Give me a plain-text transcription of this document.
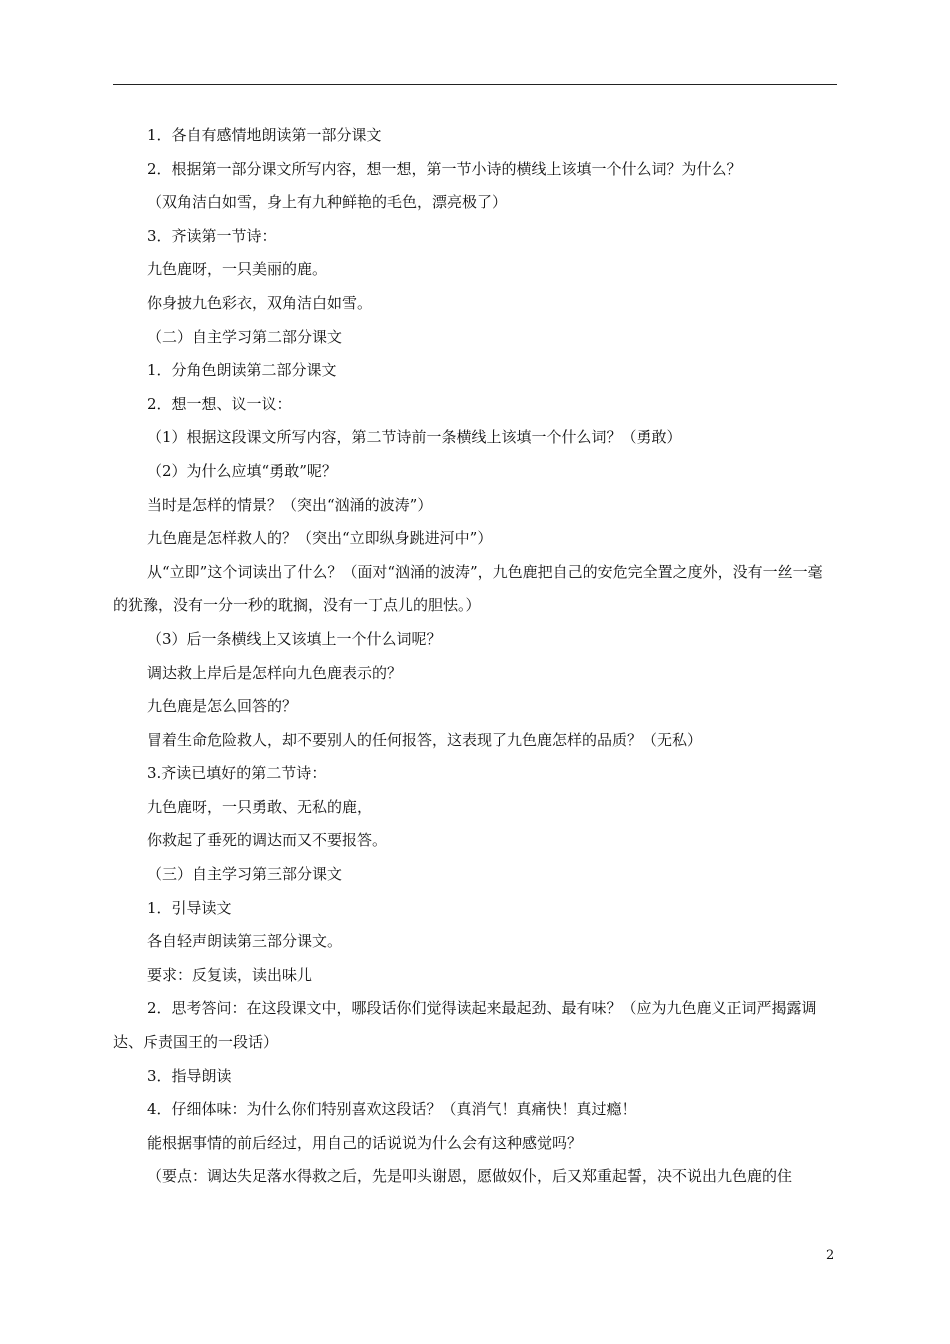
1．各自有感情地朗读第一部分课文

2．根据第一部分课文所写内容，想一想，第一节小诗的横线上该填一个什么词？为什么？

（双角洁白如雪，身上有九种鲜艳的毛色，漂亮极了）

3．齐读第一节诗：

九色鹿呀，一只美丽的鹿。

你身披九色彩衣，双角洁白如雪。

（二）自主学习第二部分课文

1．分角色朗读第二部分课文

2．想一想、议一议：

（1）根据这段课文所写内容，第二节诗前一条横线上该填一个什么词？（勇敢）

（2）为什么应填“勇敢”呢？

当时是怎样的情景？（突出“汹涌的波涛”）

九色鹿是怎样救人的？（突出“立即纵身跳进河中”）

从“立即”这个词读出了什么？（面对“汹涌的波涛”，九色鹿把自己的安危完全置之度外，没有一丝一毫的犹豫，没有一分一秒的耽搁，没有一丁点儿的胆怯。）

（3）后一条横线上又该填上一个什么词呢？

调达救上岸后是怎样向九色鹿表示的？

九色鹿是怎么回答的？

冒着生命危险救人，却不要别人的任何报答，这表现了九色鹿怎样的品质？（无私）

3.齐读已填好的第二节诗：

九色鹿呀，一只勇敢、无私的鹿，

你救起了垂死的调达而又不要报答。

（三）自主学习第三部分课文

1．引导读文

各自轻声朗读第三部分课文。

要求：反复读，读出味儿

2．思考答问：在这段课文中，哪段话你们觉得读起来最起劲、最有味？（应为九色鹿义正词严揭露调达、斥责国王的一段话）

3．指导朗读

4．仔细体味：为什么你们特别喜欢这段话？（真消气！真痛快！真过瘾！

能根据事情的前后经过，用自己的话说说为什么会有这种感觉吗？

（要点：调达失足落水得救之后，先是叩头谢恩，愿做奴仆，后又郑重起誓，决不说出九色鹿的住

2
